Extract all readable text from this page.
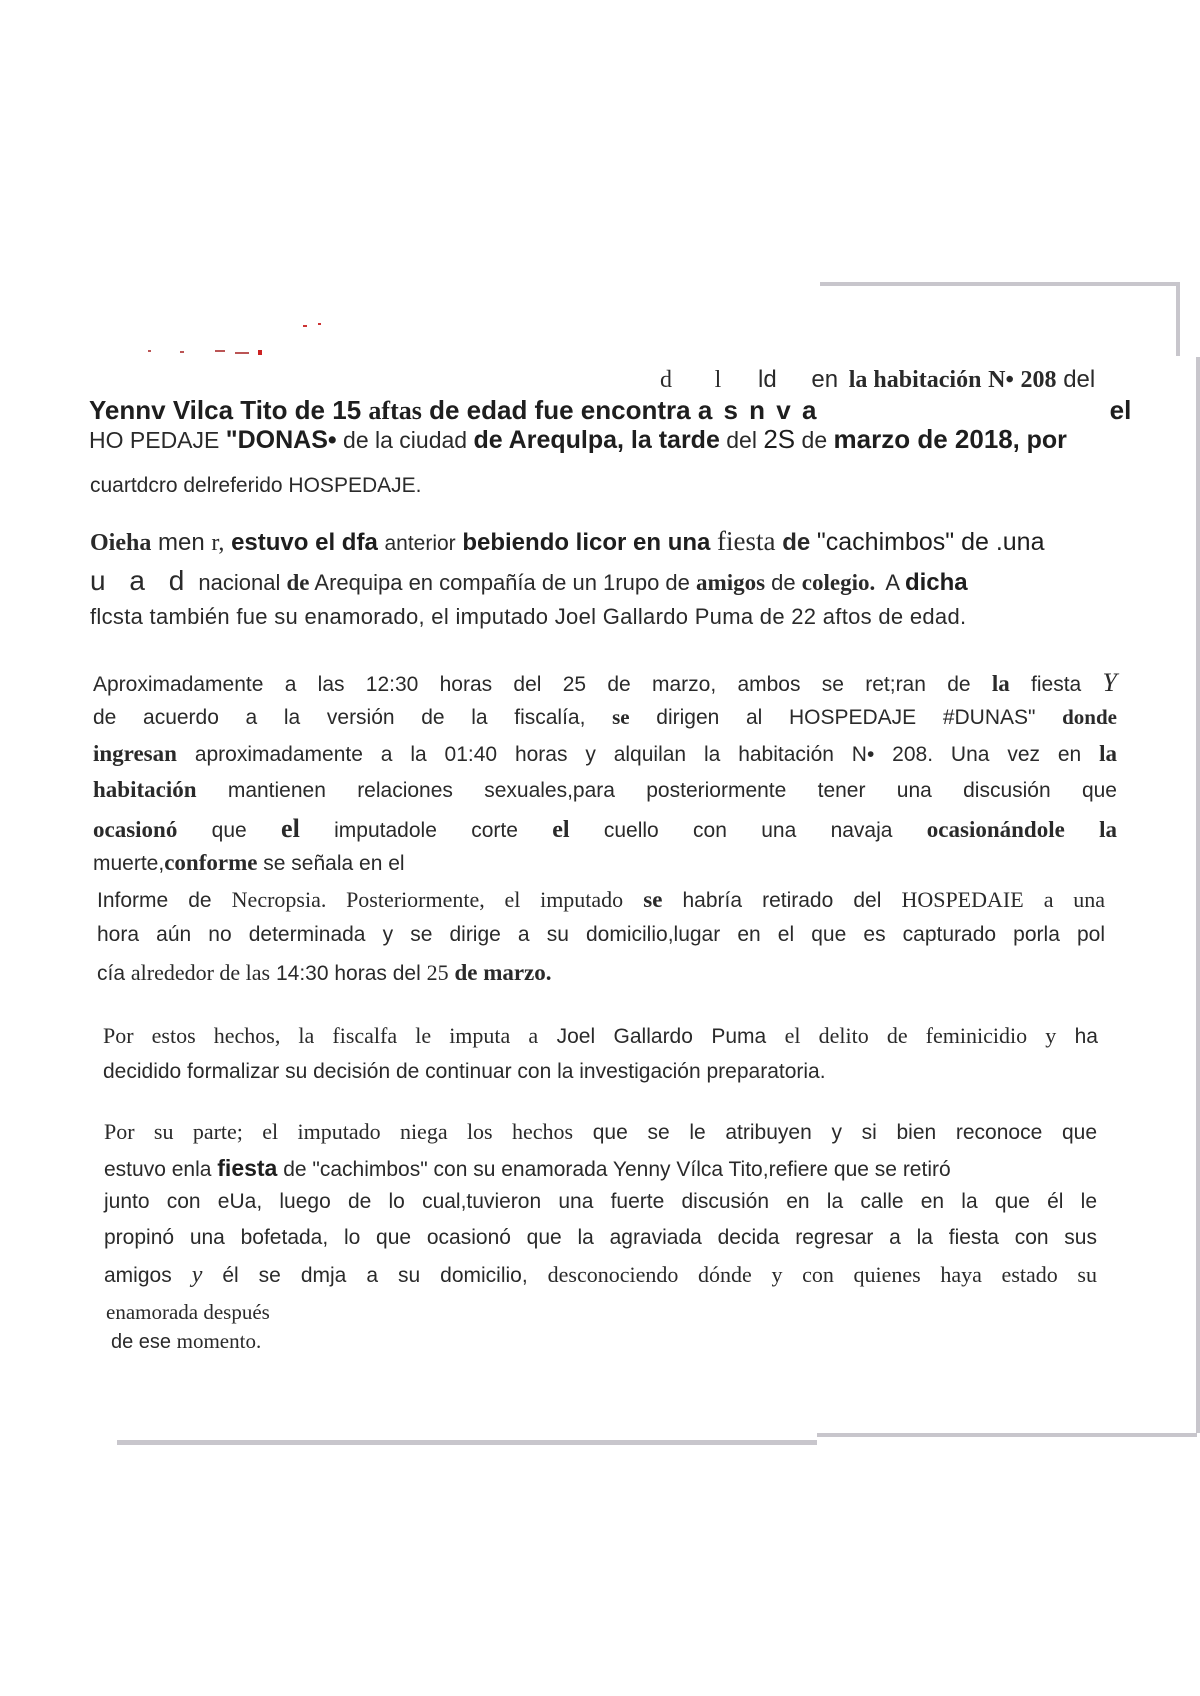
d l ld en la habitación N• 208 del
Yennv Vilca Tito de 15 aftas de edad fue encontra a s n v a	el
HO PEDAJE "DONAS• de la ciudad de Arequlpa, la tarde del 2S de marzo de 2018, por
cuartdcro delreferido HOSPEDAJE.
Oieha men r, estuvo el dfa anterior bebiendo licor en una fiesta de "cachimbos" de .una
u a d nacional de Arequipa en compañía de un 1rupo de amigos de colegio. A dicha
flcsta también fue su enamorado, el imputado Joel Gallardo Puma de 22 aftos de edad.
Aproximadamente a las 12:30 horas del 25 de marzo, ambos se ret;ran de la fiesta Y
de acuerdo a la versión de la fiscalía, se dirigen al HOSPEDAJE #DUNAS" donde
ingresan aproximadamente a la 01:40 horas y alquilan la habitación N• 208. Una vez en la
habitación mantienen relaciones sexuales,para posteriormente tener una discusión que
ocasionó que el imputadole corte el cuello con una navaja ocasionándole la
muerte,conforme se señala en el
Informe de Necropsia. Posteriormente, el imputado se habría retirado del HOSPEDAIE a una
hora aún no determinada y se dirige a su domicilio,lugar en el que es capturado porla pol
cía alrededor de las 14:30 horas del 25 de marzo.
Por estos hechos, la fiscalfa le imputa a Joel Gallardo Puma el delito de feminicidio y ha
decidido formalizar su decisión de continuar con la investigación preparatoria.
Por su parte; el imputado niega los hechos que se le atribuyen y si bien reconoce que
estuvo enla fiesta de "cachimbos" con su enamorada Yenny Vílca Tito,refiere que se retiró
junto con eUa, luego de lo cual,tuvieron una fuerte discusión en la calle en la que él le
propinó una bofetada, lo que ocasionó que la agraviada decida regresar a la fiesta con sus
amigos y él se dmja a su domicilio, desconociendo dónde y con quienes haya estado su
enamorada después
de ese momento.
